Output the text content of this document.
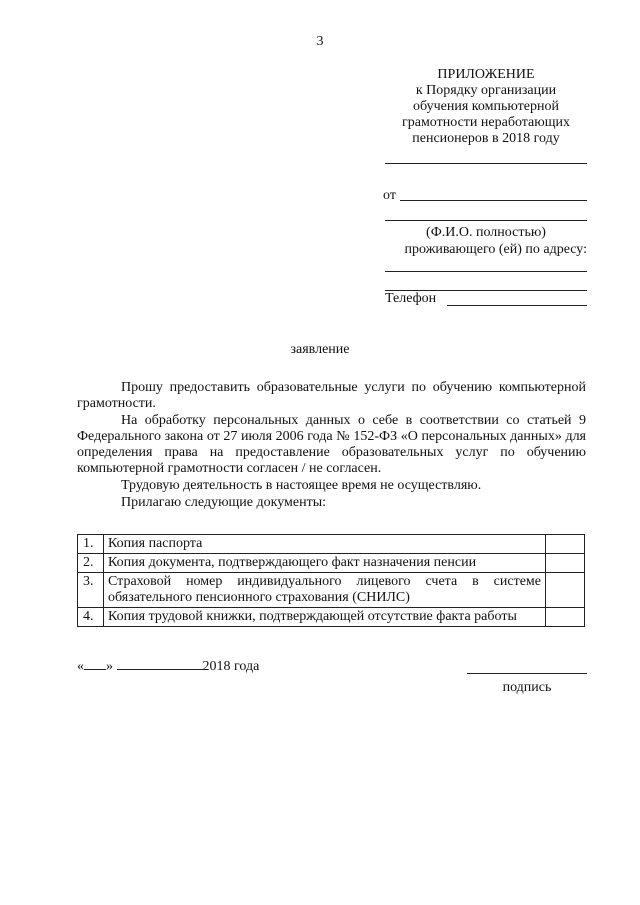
3
ПРИЛОЖЕНИЕ
к Порядку организации
обучения компьютерной
грамотности неработающих
пенсионеров в 2018 году
от
(Ф.И.О. полностью)
проживающего (ей) по адресу:
Телефон
заявление

Прошу предоставить образовательные услуги по обучению компьютерной грамотности.

На обработку персональных данных о себе в соответствии со статьей 9 Федерального закона от 27 июля 2006 года № 152-ФЗ «О персональных данных» для определения права на предоставление образовательных услуг по обучению компьютерной грамотности согласен / не согласен.

Трудовую деятельность в настоящее время не осуществляю.

Прилагаю следующие документы:

1.	Копия паспорта	
2.	Копия документа, подтверждающего факт назначения пенсии	
3.	Страховой номер индивидуального лицевого счета в системе обязательного пенсионного страхования (СНИЛС)	
4.	Копия трудовой книжки, подтверждающей отсутствие факта работы	
« »	2018 года
подпись
